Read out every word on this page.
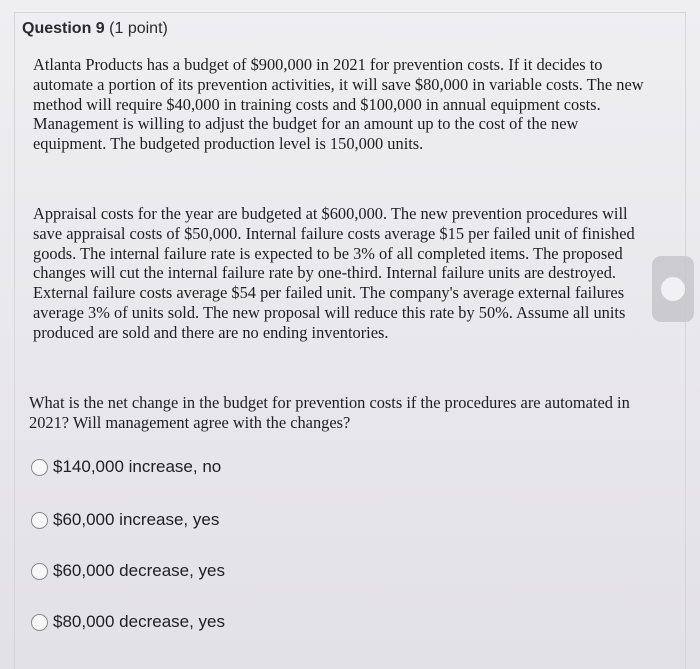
Question 9 (1 point)

Atlanta Products has a budget of $900,000 in 2021 for prevention costs. If it decides to automate a portion of its prevention activities, it will save $80,000 in variable costs. The new method will require $40,000 in training costs and $100,000 in annual equipment costs. Management is willing to adjust the budget for an amount up to the cost of the new equipment. The budgeted production level is 150,000 units.

Appraisal costs for the year are budgeted at $600,000. The new prevention procedures will save appraisal costs of $50,000. Internal failure costs average $15 per failed unit of finished goods. The internal failure rate is expected to be 3% of all completed items. The proposed changes will cut the internal failure rate by one-third. Internal failure units are destroyed. External failure costs average $54 per failed unit. The company's average external failures average 3% of units sold. The new proposal will reduce this rate by 50%. Assume all units produced are sold and there are no ending inventories.

What is the net change in the budget for prevention costs if the procedures are automated in 2021? Will management agree with the changes?

$140,000 increase, no
$60,000 increase, yes
$60,000 decrease, yes
$80,000 decrease, yes
